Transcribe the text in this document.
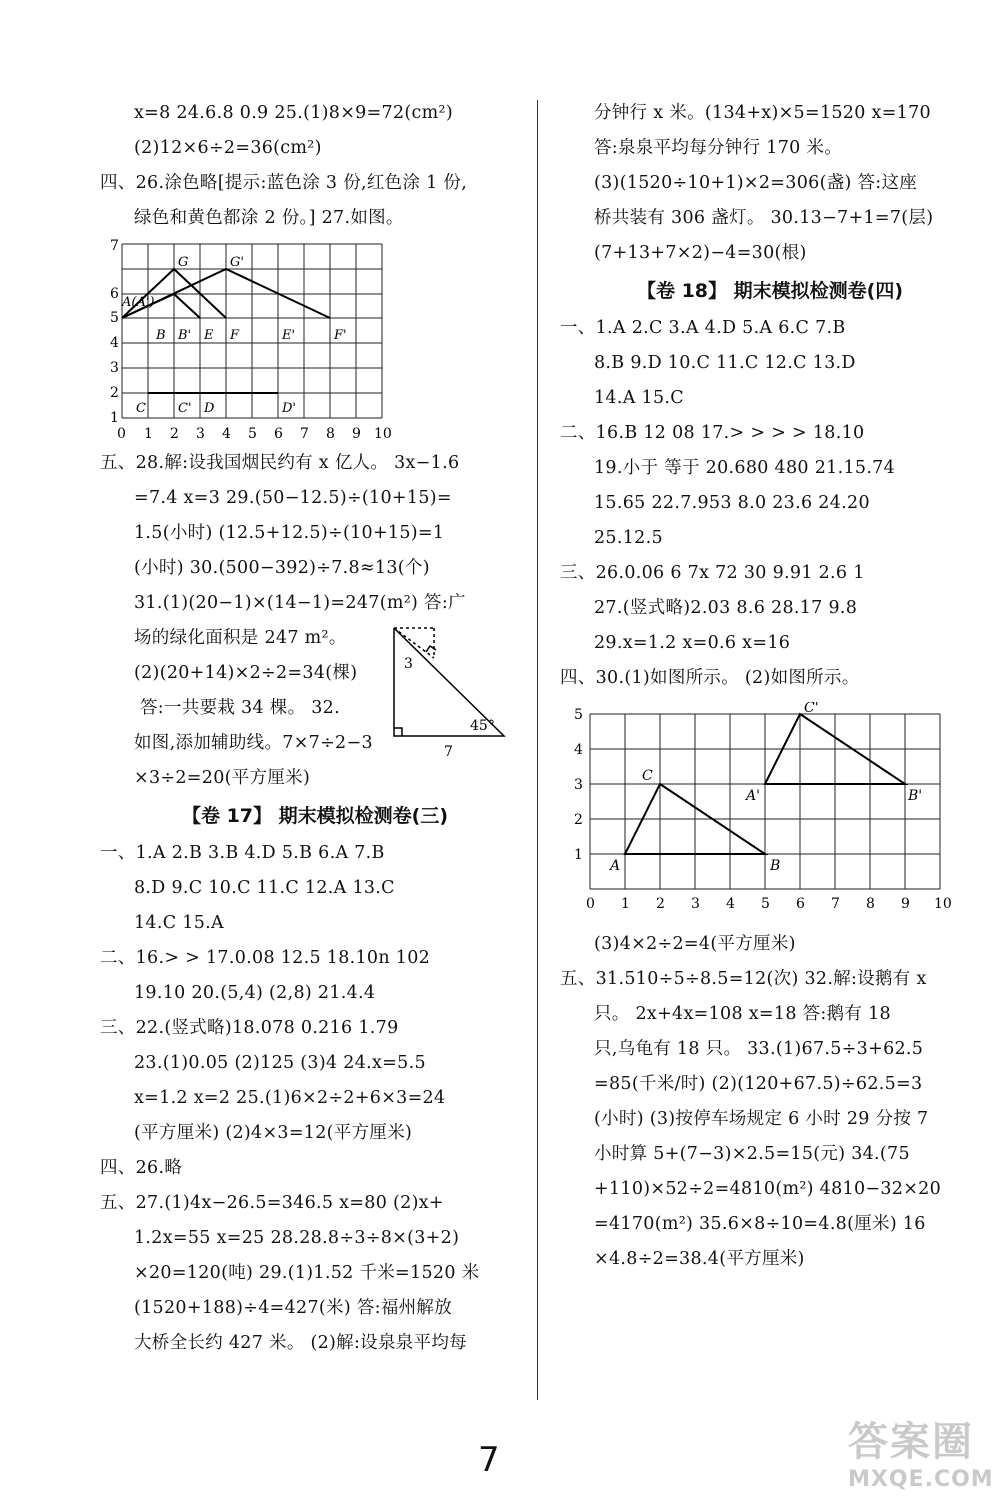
x=8 24.6.8 0.9 25.(1)8×9=72(cm²)
(2)12×6÷2=36(cm²)
四、26.涂色略[提示:蓝色涂 3 份,红色涂 1 份,
绿色和黄色都涂 2 份。] 27.如图。
1
2
3
4
5
6
7
0 1 2 3 4 5 6 7 8 9 10
A(A')
G	G'
B B' E F	E'	F'
C C' D	D'
五、28.解:设我国烟民约有 x 亿人。 3x−1.6
=7.4 x=3 29.(50−12.5)÷(10+15)=
1.5(小时) (12.5+12.5)÷(10+15)=1
(小时) 30.(500−392)÷7.8≈13(个)
31.(1)(20−1)×(14−1)=247(m²) 答:广
场的绿化面积是 247 m²。
(2)(20+14)×2÷2=34(棵)
答:一共要栽 34 棵。 32.
如图,添加辅助线。7×7÷2−3
×3÷2=20(平方厘米)
3
45°
7
【卷 17】 期末模拟检测卷(三)
一、1.A 2.B 3.B 4.D 5.B 6.A 7.B
8.D 9.C 10.C 11.C 12.A 13.C
14.C 15.A
二、16.> > 17.0.08 12.5 18.10n 102
19.10 20.(5,4) (2,8) 21.4.4
三、22.(竖式略)18.078 0.216 1.79
23.(1)0.05 (2)125 (3)4 24.x=5.5
x=1.2 x=2 25.(1)6×2÷2+6×3=24
(平方厘米) (2)4×3=12(平方厘米)
四、26.略
五、27.(1)4x−26.5=346.5 x=80 (2)x+
1.2x=55 x=25 28.28.8÷3÷8×(3+2)
×20=120(吨) 29.(1)1.52 千米=1520 米
(1520+188)÷4=427(米) 答:福州解放
大桥全长约 427 米。 (2)解:设泉泉平均每
分钟行 x 米。(134+x)×5=1520 x=170
答:泉泉平均每分钟行 170 米。
(3)(1520÷10+1)×2=306(盏) 答:这座
桥共装有 306 盏灯。 30.13−7+1=7(层)
(7+13+7×2)−4=30(根)
【卷 18】 期末模拟检测卷(四)
一、1.A 2.C 3.A 4.D 5.A 6.C 7.B
8.B 9.D 10.C 11.C 12.C 13.D
14.A 15.C
二、16.B 12 08 17.> > > > 18.10
19.小于 等于 20.680 480 21.15.74
15.65 22.7.953 8.0 23.6 24.20
25.12.5
三、26.0.06 6 7x 72 30 9.91 2.6 1
27.(竖式略)2.03 8.6 28.17 9.8
29.x=1.2 x=0.6 x=16
四、30.(1)如图所示。 (2)如图所示。
1
2
3
4
5
0 1 2 3 4 5 6 7 8 9 10
A	B
C
A'	B'
C'
(3)4×2÷2=4(平方厘米)
五、31.510÷5÷8.5=12(次) 32.解:设鹅有 x
只。 2x+4x=108 x=18 答:鹅有 18
只,乌龟有 18 只。 33.(1)67.5÷3+62.5
=85(千米/时) (2)(120+67.5)÷62.5=3
(小时) (3)按停车场规定 6 小时 29 分按 7
小时算 5+(7−3)×2.5=15(元) 34.(75
+110)×52÷2=4810(m²) 4810−32×20
=4170(m²) 35.6×8÷10=4.8(厘米) 16
×4.8÷2=38.4(平方厘米)
7	答案圈
MXQE.COM
